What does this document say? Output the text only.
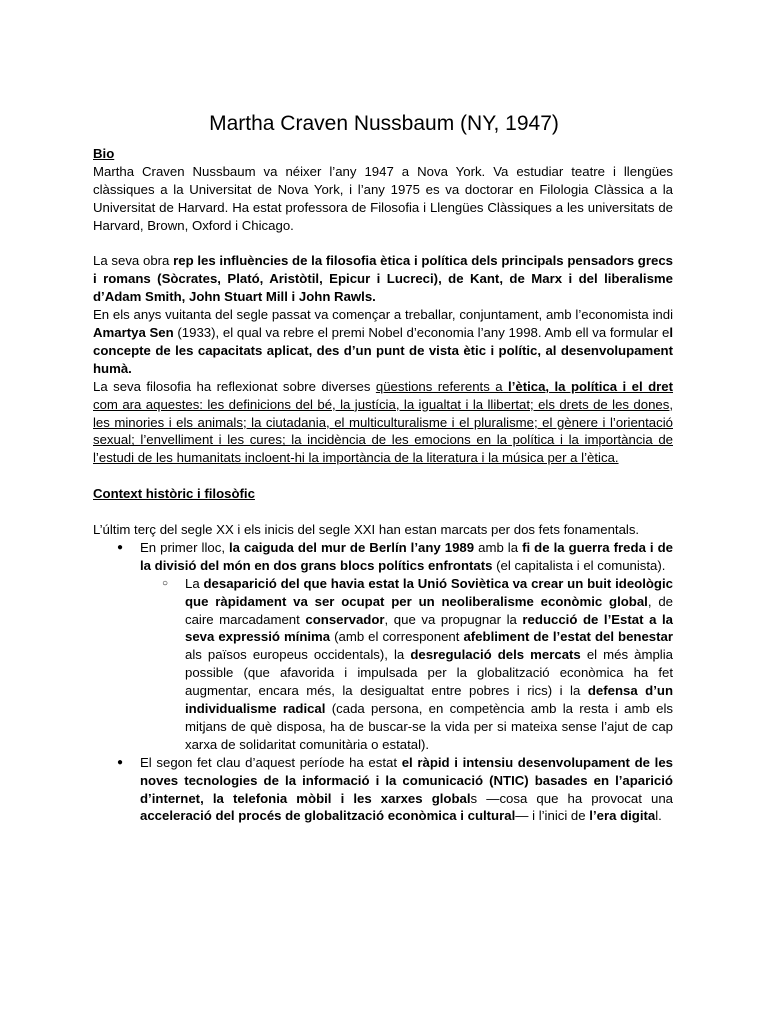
Martha Craven Nussbaum (NY, 1947)

Bio

Martha Craven Nussbaum va néixer l’any 1947 a Nova York. Va estudiar teatre i llengües clàssiques a la Universitat de Nova York, i l’any 1975 es va doctorar en Filologia Clàssica a la Universitat de Harvard. Ha estat professora de Filosofia i Llengües Clàssiques a les universitats de Harvard, Brown, Oxford i Chicago.

La seva obra rep les influències de la filosofia ètica i política dels principals pensadors grecs i romans (Sòcrates, Plató, Aristòtil, Epicur i Lucreci), de Kant, de Marx i del liberalisme d’Adam Smith, John Stuart Mill i John Rawls.

En els anys vuitanta del segle passat va començar a treballar, conjuntament, amb l’economista indi Amartya Sen (1933), el qual va rebre el premi Nobel d’economia l’any 1998. Amb ell va formular el concepte de les capacitats aplicat, des d’un punt de vista ètic i polític, al desenvolupament humà.

La seva filosofia ha reflexionat sobre diverses qüestions referents a l’ètica, la política i el dret com ara aquestes: les definicions del bé, la justícia, la igualtat i la llibertat; els drets de les dones, les minories i els animals; la ciutadania, el multiculturalisme i el pluralisme; el gènere i l’orientació sexual; l’envelliment i les cures; la incidència de les emocions en la política i la importància de l’estudi de les humanitats incloent-hi la importància de la literatura i la música per a l’ètica.

Context històric i filosòfic

L’últim terç del segle XX i els inicis del segle XXI han estan marcats per dos fets fonamentals.

● En primer lloc, la caiguda del mur de Berlín l’any 1989 amb la fi de la guerra freda i de la divisió del món en dos grans blocs polítics enfrontats (el capitalista i el comunista).
○ La desaparició del que havia estat la Unió Soviètica va crear un buit ideològic que ràpidament va ser ocupat per un neoliberalisme econòmic global, de caire marcadament conservador, que va propugnar la reducció de l’Estat a la seva expressió mínima (amb el corresponent afebliment de l’estat del benestar als països europeus occidentals), la desregulació dels mercats el més àmplia possible (que afavorida i impulsada per la globalització econòmica ha fet augmentar, encara més, la desigualtat entre pobres i rics) i la defensa d’un individualisme radical (cada persona, en competència amb la resta i amb els mitjans de què disposa, ha de buscar-se la vida per si mateixa sense l’ajut de cap xarxa de solidaritat comunitària o estatal).
● El segon fet clau d’aquest període ha estat el ràpid i intensiu desenvolupament de les noves tecnologies de la informació i la comunicació (NTIC) basades en l’aparició d’internet, la telefonia mòbil i les xarxes globals —cosa que ha provocat una acceleració del procés de globalització econòmica i cultural— i l’inici de l’era digital.
